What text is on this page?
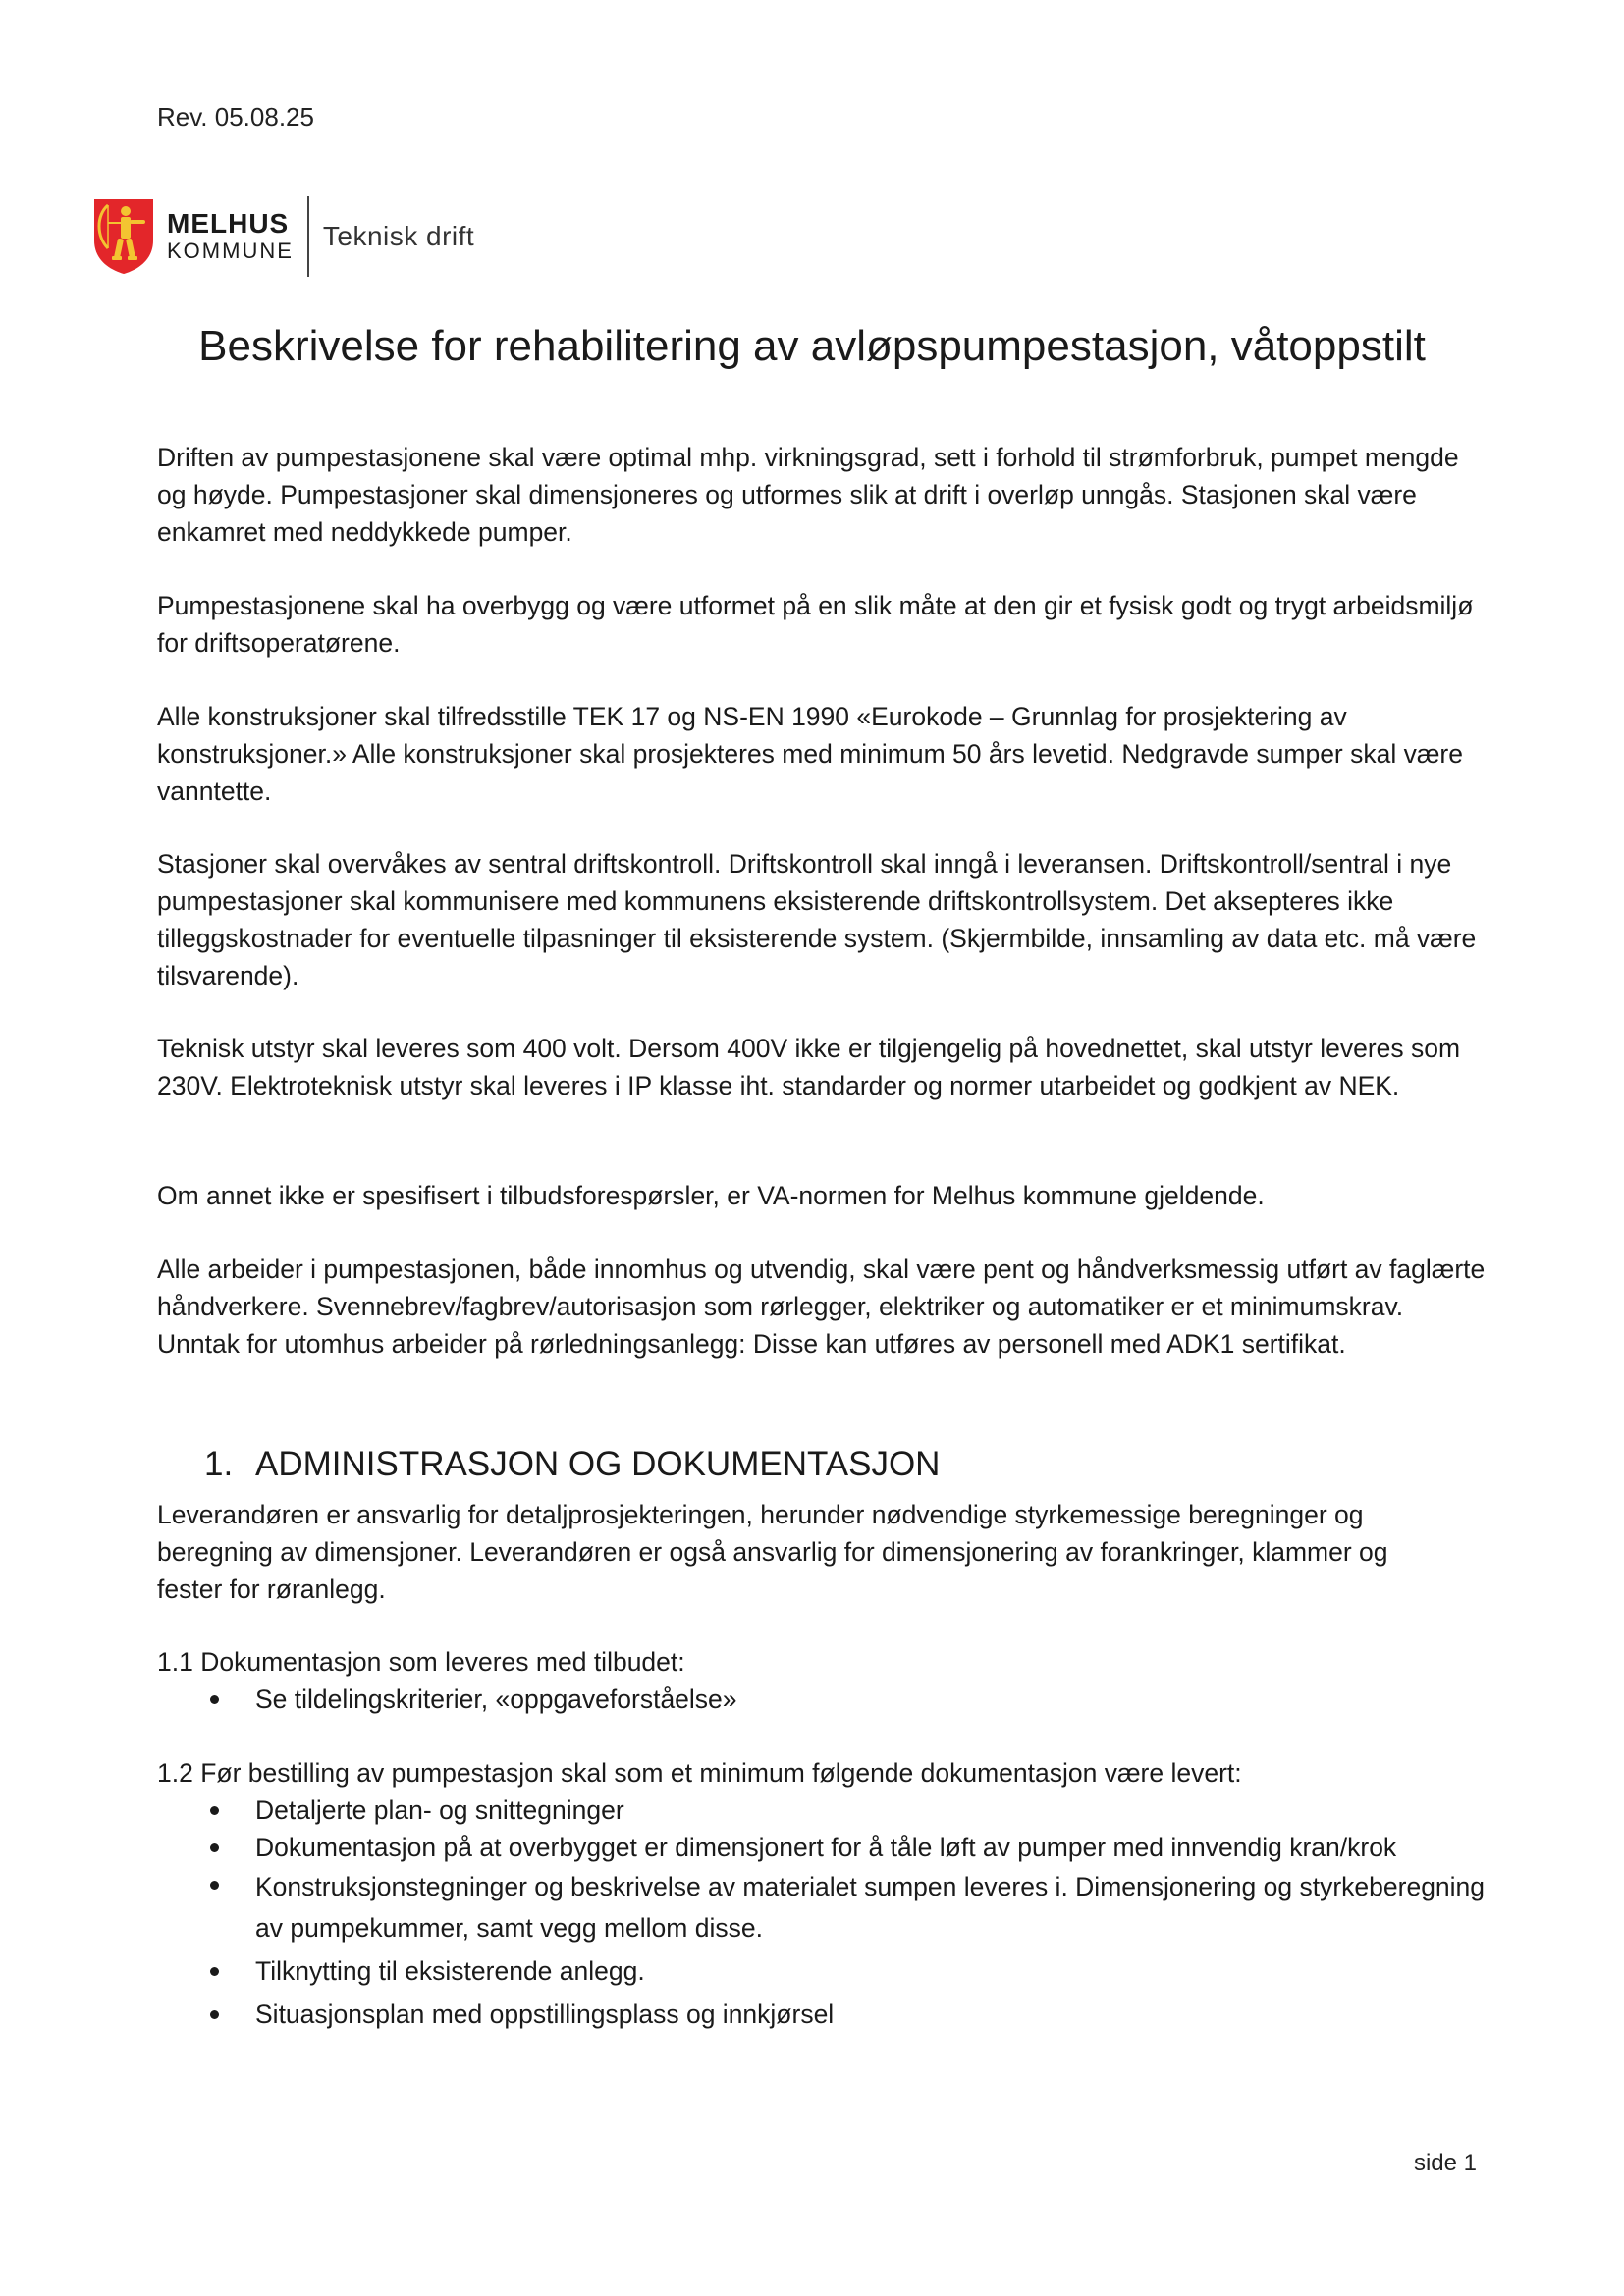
Rev. 05.08.25
MELHUS
KOMMUNE Teknisk drift
Beskrivelse for rehabilitering av avløpspumpestasjon, våtoppstilt

Driften av pumpestasjonene skal være optimal mhp. virkningsgrad, sett i forhold til strømforbruk, pumpet mengde og høyde. Pumpestasjoner skal dimensjoneres og utformes slik at drift i overløp unngås. Stasjonen skal være enkamret med neddykkede pumper.

Pumpestasjonene skal ha overbygg og være utformet på en slik måte at den gir et fysisk godt og trygt arbeidsmiljø for driftsoperatørene.

Alle konstruksjoner skal tilfredsstille TEK 17 og NS-EN 1990 «Eurokode – Grunnlag for prosjektering av konstruksjoner.» Alle konstruksjoner skal prosjekteres med minimum 50 års levetid. Nedgravde sumper skal være vanntette.

Stasjoner skal overvåkes av sentral driftskontroll. Driftskontroll skal inngå i leveransen. Driftskontroll/sentral i nye pumpestasjoner skal kommunisere med kommunens eksisterende driftskontrollsystem. Det aksepteres ikke tilleggskostnader for eventuelle tilpasninger til eksisterende system. (Skjermbilde, innsamling av data etc. må være tilsvarende).

Teknisk utstyr skal leveres som 400 volt. Dersom 400V ikke er tilgjengelig på hovednettet, skal utstyr leveres som 230V. Elektroteknisk utstyr skal leveres i IP klasse iht. standarder og normer utarbeidet og godkjent av NEK.

Om annet ikke er spesifisert i tilbudsforespørsler, er VA-normen for Melhus kommune gjeldende.

Alle arbeider i pumpestasjonen, både innomhus og utvendig, skal være pent og håndverksmessig utført av faglærte håndverkere. Svennebrev/fagbrev/autorisasjon som rørlegger, elektriker og automatiker er et minimumskrav. Unntak for utomhus arbeider på rørledningsanlegg: Disse kan utføres av personell med ADK1 sertifikat.

1. ADMINISTRASJON OG DOKUMENTASJON

Leverandøren er ansvarlig for detaljprosjekteringen, herunder nødvendige styrkemessige beregninger og beregning av dimensjoner. Leverandøren er også ansvarlig for dimensjonering av forankringer, klammer og fester for røranlegg.

1.1 Dokumentasjon som leveres med tilbudet:

Se tildelingskriterier, «oppgaveforståelse»

1.2 Før bestilling av pumpestasjon skal som et minimum følgende dokumentasjon være levert:

Detaljerte plan- og snittegninger
Dokumentasjon på at overbygget er dimensjonert for å tåle løft av pumper med innvendig kran/krok
Konstruksjonstegninger og beskrivelse av materialet sumpen leveres i. Dimensjonering og styrkeberegning av pumpekummer, samt vegg mellom disse.
Tilknytting til eksisterende anlegg.
Situasjonsplan med oppstillingsplass og innkjørsel
side 1
